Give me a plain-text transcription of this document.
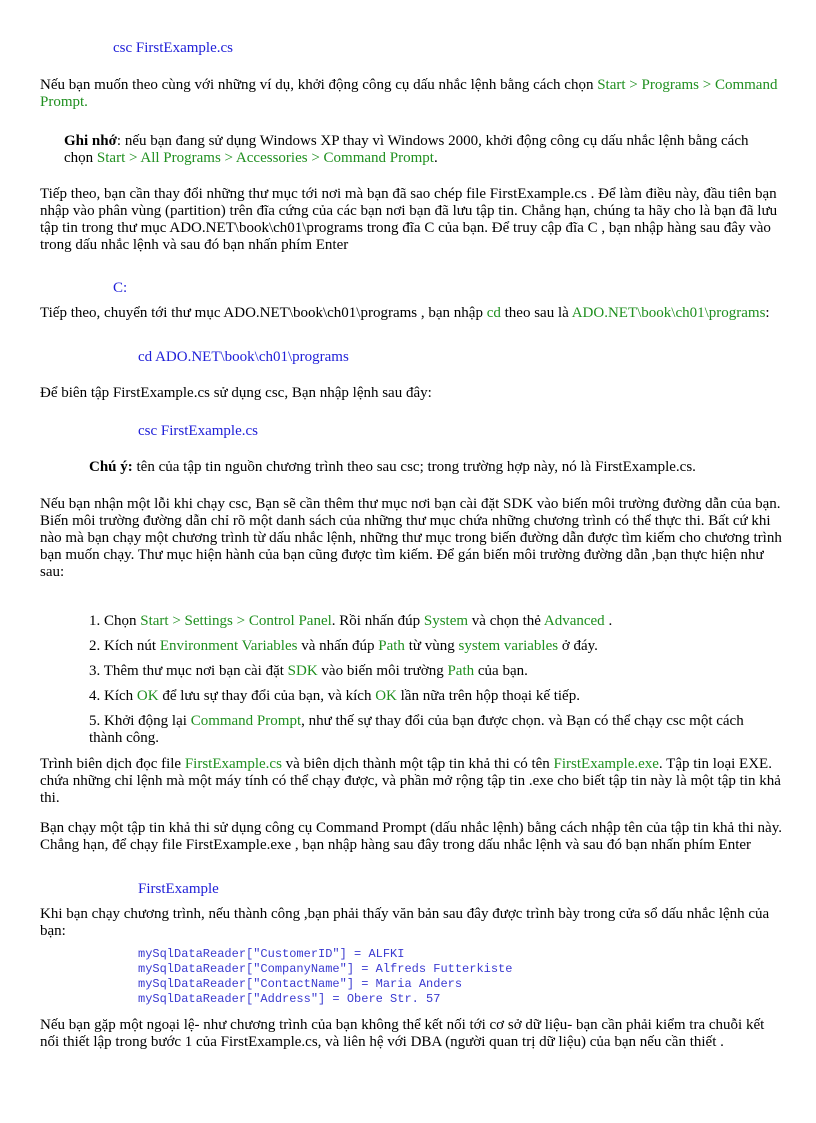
csc FirstExample.cs

Nếu bạn muốn theo cùng với những ví dụ, khởi động công cụ dấu nhắc lệnh bằng cách chọn Start > Programs > Command Prompt.

Ghi nhớ: nếu bạn đang sử dụng Windows XP thay vì Windows 2000, khởi động công cụ dấu nhắc lệnh bằng cách chọn Start > All Programs > Accessories > Command Prompt.

Tiếp theo, bạn cần thay đổi những thư mục tới nơi mà bạn đã sao chép file FirstExample.cs . Để làm điều này, đầu tiên bạn nhập vào phân vùng (partition) trên đĩa cứng của các bạn nơi bạn đã lưu tập tin. Chẳng hạn, chúng ta hãy cho là bạn đã lưu tập tin trong thư mục ADO.NET\book\ch01\programs trong đĩa C của bạn. Để truy cập đĩa C , bạn nhập hàng sau đây vào trong dấu nhắc lệnh và sau đó bạn nhấn phím Enter

C:

Tiếp theo, chuyển tới thư mục ADO.NET\book\ch01\programs , bạn nhập cd theo sau là ADO.NET\book\ch01\programs:

cd ADO.NET\book\ch01\programs

Để biên tập FirstExample.cs sử dụng csc, Bạn nhập lệnh sau đây:

csc FirstExample.cs

Chú ý: tên của tập tin nguồn chương trình theo sau csc; trong trường hợp này, nó là FirstExample.cs.

Nếu bạn nhận một lỗi khi chạy csc, Bạn sẽ cần thêm thư mục nơi bạn cài đặt SDK vào biến môi trường đường dẫn của bạn. Biến môi trường đường dẫn chỉ rõ một danh sách của những thư mục chứa những chương trình có thể thực thi. Bất cứ khi nào mà bạn chạy một chương trình từ dấu nhắc lệnh, những thư mục trong biến đường dẫn được tìm kiếm cho chương trình bạn muốn chạy. Thư mục hiện hành của bạn cũng được tìm kiếm. Để gán biến môi trường đường dẫn ,bạn thực hiện như sau:

1. Chọn Start > Settings > Control Panel. Rồi nhấn đúp System và chọn thẻ Advanced .
2. Kích nút Environment Variables và nhấn đúp Path từ vùng system variables ở đáy.
3. Thêm thư mục nơi bạn cài đặt SDK vào biến môi trường Path của bạn.
4. Kích OK để lưu sự thay đổi của bạn, và kích OK lần nữa trên hộp thoại kế tiếp.
5. Khởi động lại Command Prompt, như thế sự thay đổi của bạn được chọn. và Bạn có thể chạy csc một cách thành công.

Trình biên dịch đọc file FirstExample.cs và biên dịch thành một tập tin khả thi có tên FirstExample.exe. Tập tin loại EXE. chứa những chỉ lệnh mà một máy tính có thể chạy được, và phần mở rộng tập tin .exe cho biết tập tin này là một tập tin khả thi.

Bạn chạy một tập tin khả thi sử dụng công cụ Command Prompt (dấu nhắc lệnh) bằng cách nhập tên của tập tin khả thi này. Chẳng hạn, để chạy file FirstExample.exe , bạn nhập hàng sau đây trong dấu nhắc lệnh và sau đó bạn nhấn phím Enter

FirstExample

Khi bạn chạy chương trình, nếu thành công ,bạn phải thấy văn bản sau đây được trình bày trong cửa sổ dấu nhắc lệnh của bạn:

mySqlDataReader["CustomerID"] = ALFKI
mySqlDataReader["CompanyName"] = Alfreds Futterkiste
mySqlDataReader["ContactName"] = Maria Anders
mySqlDataReader["Address"] = Obere Str. 57

Nếu bạn gặp một ngoại lệ- như chương trình của bạn không thể kết nối tới cơ sở dữ liệu- bạn cần phải kiểm tra chuỗi kết nối thiết lập trong bước 1 của FirstExample.cs, và liên hệ với DBA (người quan trị dữ liệu) của bạn nếu cần thiết .
